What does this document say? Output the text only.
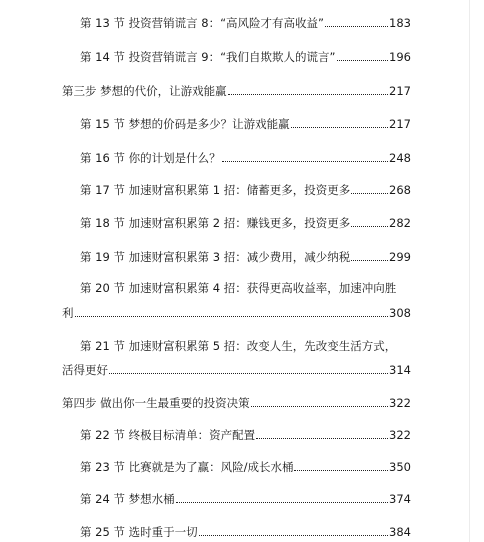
第 13 节 投资营销谎言 8：“高风险才有高收益”	183
第 14 节 投资营销谎言 9：“我们自欺欺人的谎言”	196
第三步 梦想的代价，让游戏能赢	217
第 15 节 梦想的价码是多少？让游戏能赢	217
第 16 节 你的计划是什么？	248
第 17 节 加速财富积累第 1 招：储蓄更多，投资更多	268
第 18 节 加速财富积累第 2 招：赚钱更多，投资更多	282
第 19 节 加速财富积累第 3 招：减少费用，减少纳税	299
第 20 节 加速财富积累第 4 招：获得更高收益率，加速冲向胜
利	308
第 21 节 加速财富积累第 5 招：改变人生，先改变生活方式，
活得更好	314
第四步 做出你一生最重要的投资决策	322
第 22 节 终极目标清单：资产配置	322
第 23 节 比赛就是为了赢：风险/成长水桶	350
第 24 节 梦想水桶	374
第 25 节 选时重于一切	384
